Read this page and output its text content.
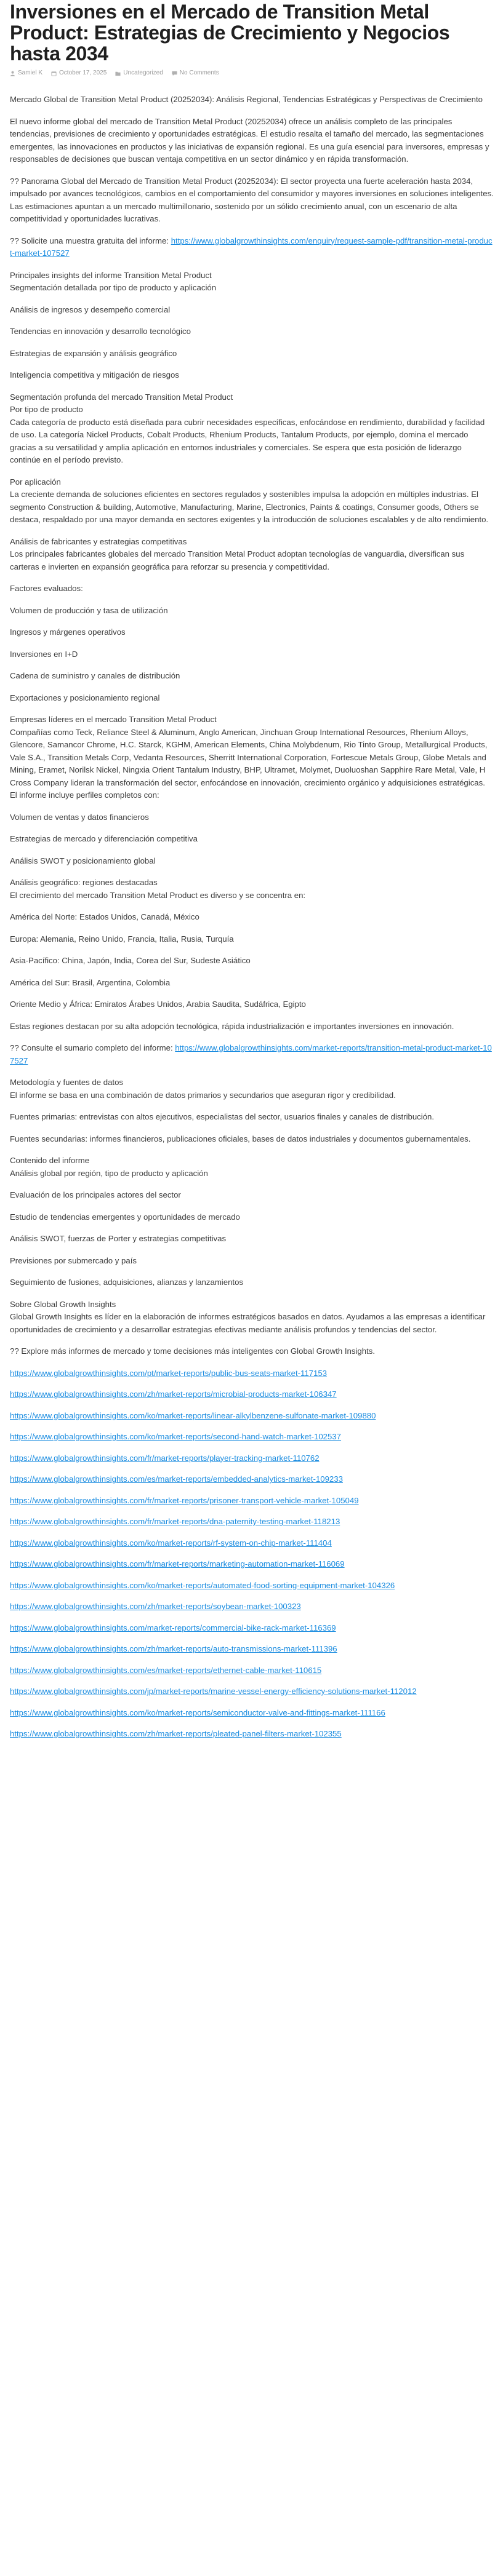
Inversiones en el Mercado de Transition Metal Product: Estrategias de Crecimiento y Negocios hasta 2034
Samiel K	October 17, 2025	Uncategorized	No Comments

Mercado Global de Transition Metal Product (20252034): Análisis Regional, Tendencias Estratégicas y Perspectivas de Crecimiento

El nuevo informe global del mercado de Transition Metal Product (20252034) ofrece un análisis completo de las principales tendencias, previsiones de crecimiento y oportunidades estratégicas. El estudio resalta el tamaño del mercado, las segmentaciones emergentes, las innovaciones en productos y las iniciativas de expansión regional. Es una guía esencial para inversores, empresas y responsables de decisiones que buscan ventaja competitiva en un sector dinámico y en rápida transformación.

?? Panorama Global del Mercado de Transition Metal Product (20252034): El sector proyecta una fuerte aceleración hasta 2034, impulsado por avances tecnológicos, cambios en el comportamiento del consumidor y mayores inversiones en soluciones inteligentes. Las estimaciones apuntan a un mercado multimillonario, sostenido por un sólido crecimiento anual, con un escenario de alta competitividad y oportunidades lucrativas.

?? Solicite una muestra gratuita del informe: https://www.globalgrowthinsights.com/enquiry/request-sample-pdf/transition-metal-product-market-107527

Principales insights del informe Transition Metal Product
Segmentación detallada por tipo de producto y aplicación

Análisis de ingresos y desempeño comercial

Tendencias en innovación y desarrollo tecnológico

Estrategias de expansión y análisis geográfico

Inteligencia competitiva y mitigación de riesgos

Segmentación profunda del mercado Transition Metal Product
Por tipo de producto
Cada categoría de producto está diseñada para cubrir necesidades específicas, enfocándose en rendimiento, durabilidad y facilidad de uso. La categoría Nickel Products, Cobalt Products, Rhenium Products, Tantalum Products, por ejemplo, domina el mercado gracias a su versatilidad y amplia aplicación en entornos industriales y comerciales. Se espera que esta posición de liderazgo continúe en el período previsto.
Por aplicación
La creciente demanda de soluciones eficientes en sectores regulados y sostenibles impulsa la adopción en múltiples industrias. El segmento Construction & building, Automotive, Manufacturing, Marine, Electronics, Paints & coatings, Consumer goods, Others se destaca, respaldado por una mayor demanda en sectores exigentes y la introducción de soluciones escalables y de alto rendimiento.
Análisis de fabricantes y estrategias competitivas
Los principales fabricantes globales del mercado Transition Metal Product adoptan tecnologías de vanguardia, diversifican sus carteras e invierten en expansión geográfica para reforzar su presencia y competitividad.

Factores evaluados:

Volumen de producción y tasa de utilización

Ingresos y márgenes operativos

Inversiones en I+D

Cadena de suministro y canales de distribución

Exportaciones y posicionamiento regional

Empresas líderes en el mercado Transition Metal Product
Compañías como Teck, Reliance Steel & Aluminum, Anglo American, Jinchuan Group International Resources, Rhenium Alloys, Glencore, Samancor Chrome, H.C. Starck, KGHM, American Elements, China Molybdenum, Rio Tinto Group, Metallurgical Products, Vale S.A., Transition Metals Corp, Vedanta Resources, Sherritt International Corporation, Fortescue Metals Group, Globe Metals and Mining, Eramet, Norilsk Nickel, Ningxia Orient Tantalum Industry, BHP, Ultramet, Molymet, Duoluoshan Sapphire Rare Metal, Vale, H Cross Company lideran la transformación del sector, enfocándose en innovación, crecimiento orgánico y adquisiciones estratégicas. El informe incluye perfiles completos con:

Volumen de ventas y datos financieros

Estrategias de mercado y diferenciación competitiva

Análisis SWOT y posicionamiento global

Análisis geográfico: regiones destacadas
El crecimiento del mercado Transition Metal Product es diverso y se concentra en:

América del Norte: Estados Unidos, Canadá, México

Europa: Alemania, Reino Unido, Francia, Italia, Rusia, Turquía

Asia-Pacífico: China, Japón, India, Corea del Sur, Sudeste Asiático

América del Sur: Brasil, Argentina, Colombia

Oriente Medio y África: Emiratos Árabes Unidos, Arabia Saudita, Sudáfrica, Egipto

Estas regiones destacan por su alta adopción tecnológica, rápida industrialización e importantes inversiones en innovación.

?? Consulte el sumario completo del informe: https://www.globalgrowthinsights.com/market-reports/transition-metal-product-market-107527

Metodología y fuentes de datos
El informe se basa en una combinación de datos primarios y secundarios que aseguran rigor y credibilidad.

Fuentes primarias: entrevistas con altos ejecutivos, especialistas del sector, usuarios finales y canales de distribución.

Fuentes secundarias: informes financieros, publicaciones oficiales, bases de datos industriales y documentos gubernamentales.

Contenido del informe
Análisis global por región, tipo de producto y aplicación

Evaluación de los principales actores del sector

Estudio de tendencias emergentes y oportunidades de mercado

Análisis SWOT, fuerzas de Porter y estrategias competitivas

Previsiones por submercado y país

Seguimiento de fusiones, adquisiciones, alianzas y lanzamientos

Sobre Global Growth Insights
Global Growth Insights es líder en la elaboración de informes estratégicos basados en datos. Ayudamos a las empresas a identificar oportunidades de crecimiento y a desarrollar estrategias efectivas mediante análisis profundos y tendencias del sector.

?? Explore más informes de mercado y tome decisiones más inteligentes con Global Growth Insights.

https://www.globalgrowthinsights.com/pt/market-reports/public-bus-seats-market-117153

https://www.globalgrowthinsights.com/zh/market-reports/microbial-products-market-106347

https://www.globalgrowthinsights.com/ko/market-reports/linear-alkylbenzene-sulfonate-market-109880

https://www.globalgrowthinsights.com/ko/market-reports/second-hand-watch-market-102537

https://www.globalgrowthinsights.com/fr/market-reports/player-tracking-market-110762

https://www.globalgrowthinsights.com/es/market-reports/embedded-analytics-market-109233

https://www.globalgrowthinsights.com/fr/market-reports/prisoner-transport-vehicle-market-105049

https://www.globalgrowthinsights.com/fr/market-reports/dna-paternity-testing-market-118213

https://www.globalgrowthinsights.com/ko/market-reports/rf-system-on-chip-market-111404

https://www.globalgrowthinsights.com/fr/market-reports/marketing-automation-market-116069

https://www.globalgrowthinsights.com/ko/market-reports/automated-food-sorting-equipment-market-104326

https://www.globalgrowthinsights.com/zh/market-reports/soybean-market-100323

https://www.globalgrowthinsights.com/market-reports/commercial-bike-rack-market-116369

https://www.globalgrowthinsights.com/zh/market-reports/auto-transmissions-market-111396

https://www.globalgrowthinsights.com/es/market-reports/ethernet-cable-market-110615

https://www.globalgrowthinsights.com/jp/market-reports/marine-vessel-energy-efficiency-solutions-market-112012

https://www.globalgrowthinsights.com/ko/market-reports/semiconductor-valve-and-fittings-market-111166

https://www.globalgrowthinsights.com/zh/market-reports/pleated-panel-filters-market-102355
